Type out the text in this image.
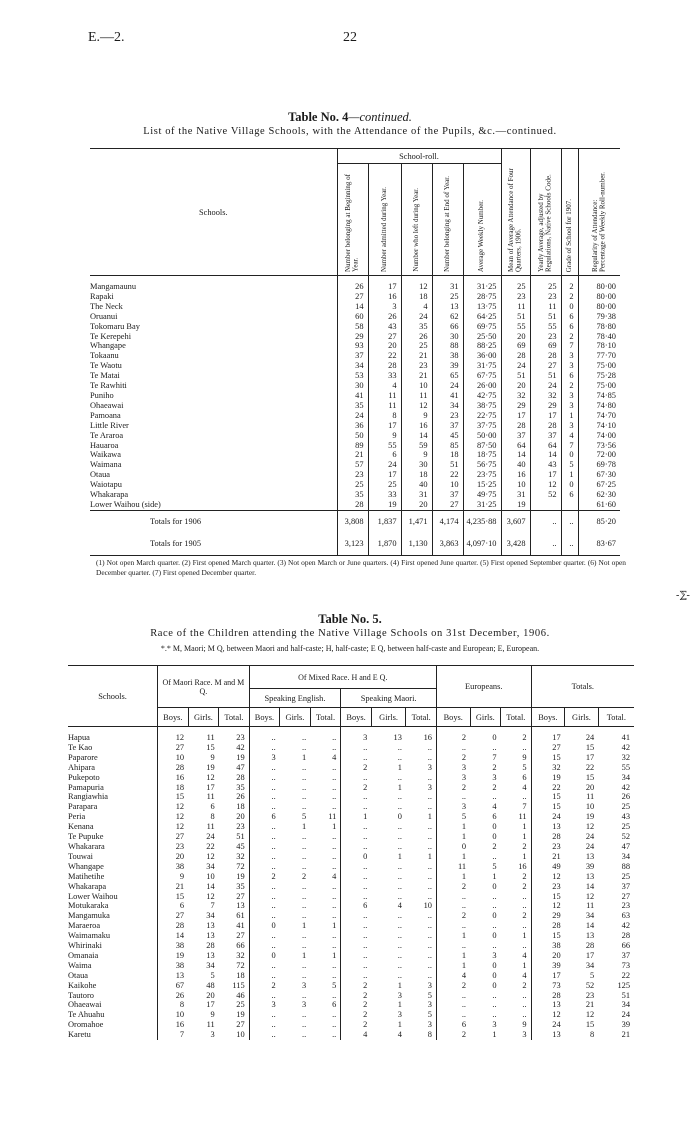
E.—2.	22
Table No. 4—continued.
List of the Native Village Schools, with the Attendance of the Pupils, &c.—continued.
Schools.	School-roll.					Mean of Average Attendance of Four Quarters, 1906.	Yearly Average, adjusted by Regulations, Native Schools Code.	Grade of School for 1907.	Regularity of Attendance: Percentage of Weekly Roll-number.

	Number belonging at Beginning of Year.	Number admitted during Year.	Number who left during Year.	Number belonging at End of Year.	Average Weekly Number.				

Mangamaunu	26	17	12	31	31·25	25	25	2	80·00
Rapaki	27	16	18	25	28·75	23	23	2	80·00
The Neck	14	3	4	13	13·75	11	11	0	80·00
Oruanui	60	26	24	62	64·25	51	51	6	79·38
Tokomaru Bay	58	43	35	66	69·75	55	55	6	78·80
Te Kerepehi	29	27	26	30	25·50	20	23	2	78·40
Whangape	93	20	25	88	88·25	69	69	7	78·10
Tokaanu	37	22	21	38	36·00	28	28	3	77·70
Te Waotu	34	28	23	39	31·75	24	27	3	75·00
Te Matai	53	33	21	65	67·75	51	51	6	75·28
Te Rawhiti	30	4	10	24	26·00	20	24	2	75·00
Puniho	41	11	11	41	42·75	32	32	3	74·85
Ohaeawai	35	11	12	34	38·75	29	29	3	74·80
Pamoana	24	8	9	23	22·75	17	17	1	74·70
Little River	36	17	16	37	37·75	28	28	3	74·10
Te Araroa	50	9	14	45	50·00	37	37	4	74·00
Hauaroa	89	55	59	85	87·50	64	64	7	73·56
Waikawa	21	6	9	18	18·75	14	14	0	72·00
Waimana	57	24	30	51	56·75	40	43	5	69·78
Otaua	23	17	18	22	23·75	16	17	1	67·30
Waiotapu	25	25	40	10	15·25	10	12	0	67·25
Whakarapa	35	33	31	37	49·75	31	52	6	62·30
Lower Waihou (side)	28	19	20	27	31·25	19			61·60
Totals for 1906	3,808	1,837	1,471	4,174	4,235·88	3,607	..	..	85·20
Totals for 1905	3,123	1,870	1,130	3,863	4,097·10	3,428	..	..	83·67
(1) Not open March quarter. (2) First opened March quarter. (3) Not open March or June quarters. (4) First opened June quarter. (5) First opened September quarter. (6) Not open December quarter. (7) First opened December quarter.
-⅀-
Table No. 5.
Race of the Children attending the Native Village Schools on 31st December, 1906.
*.* M, Maori; M Q, between Maori and half-caste; H, half-caste; E Q, between half-caste and European; E, European.
Schools.	Of Maori Race. M and M Q.			Of Mixed Race. H and E Q.						Europeans.			Totals.		
				Speaking English.			Speaking Maori.								
	Boys.	Girls.	Total.	Boys.	Girls.	Total.	Boys.	Girls.	Total.	Boys.	Girls.	Total.	Boys.	Girls.	Total.
Hapua	12	11	23	..	..	..	3	13	16	2	0	2	17	24	41
Te Kao	27	15	42	..	..	..	..	..	..	..	..	..	27	15	42
Paparore	10	9	19	3	1	4	..	..	..	2	7	9	15	17	32
Ahipara	28	19	47	..	..	..	2	1	3	3	2	5	32	22	55
Pukepoto	16	12	28	..	..	..	..	..	..	3	3	6	19	15	34
Pamapuria	18	17	35	..	..	..	2	1	3	2	2	4	22	20	42
Rangiawhia	15	11	26	..	..	..	..	..	..	..	..	..	15	11	26
Parapara	12	6	18	..	..	..	..	..	..	3	4	7	15	10	25
Peria	12	8	20	6	5	11	1	0	1	5	6	11	24	19	43
Kenana	12	11	23	..	1	1	..	..	..	1	0	1	13	12	25
Te Pupuke	27	24	51	..	..	..	..	..	..	1	0	1	28	24	52
Whakarara	23	22	45	..	..	..	..	..	..	0	2	2	23	24	47
Touwai	20	12	32	..	..	..	0	1	1	1	..	1	21	13	34
Whangape	38	34	72	..	..	..	..	..	..	11	5	16	49	39	88
Matihetihe	9	10	19	2	2	4	..	..	..	1	1	2	12	13	25
Whakarapa	21	14	35	..	..	..	..	..	..	2	0	2	23	14	37
Lower Waihou	15	12	27	..	..	..	..	..	..	..	..	..	15	12	27
Motukaraka	6	7	13	..	..	..	6	4	10	..	..	..	12	11	23
Mangamuka	27	34	61	..	..	..	..	..	..	2	0	2	29	34	63
Maraeroa	28	13	41	0	1	1	..	..	..	..	..	..	28	14	42
Waimamaku	14	13	27	..	..	..	..	..	..	1	0	1	15	13	28
Whirinaki	38	28	66	..	..	..	..	..	..	..	..	..	38	28	66
Omanaia	19	13	32	0	1	1	..	..	..	1	3	4	20	17	37
Waima	38	34	72	..	..	..	..	..	..	1	0	1	39	34	73
Otaua	13	5	18	..	..	..	..	..	..	4	0	4	17	5	22
Kaikohe	67	48	115	2	3	5	2	1	3	2	0	2	73	52	125
Tautoro	26	20	46	..	..	..	2	3	5	..	..	..	28	23	51
Ohaeawai	8	17	25	3	3	6	2	1	3	..	..	..	13	21	34
Te Ahuahu	10	9	19	..	..	..	2	3	5	..	..	..	12	12	24
Oromahoe	16	11	27	..	..	..	2	1	3	6	3	9	24	15	39
Karetu	7	3	10	..	..	..	4	4	8	2	1	3	13	8	21
